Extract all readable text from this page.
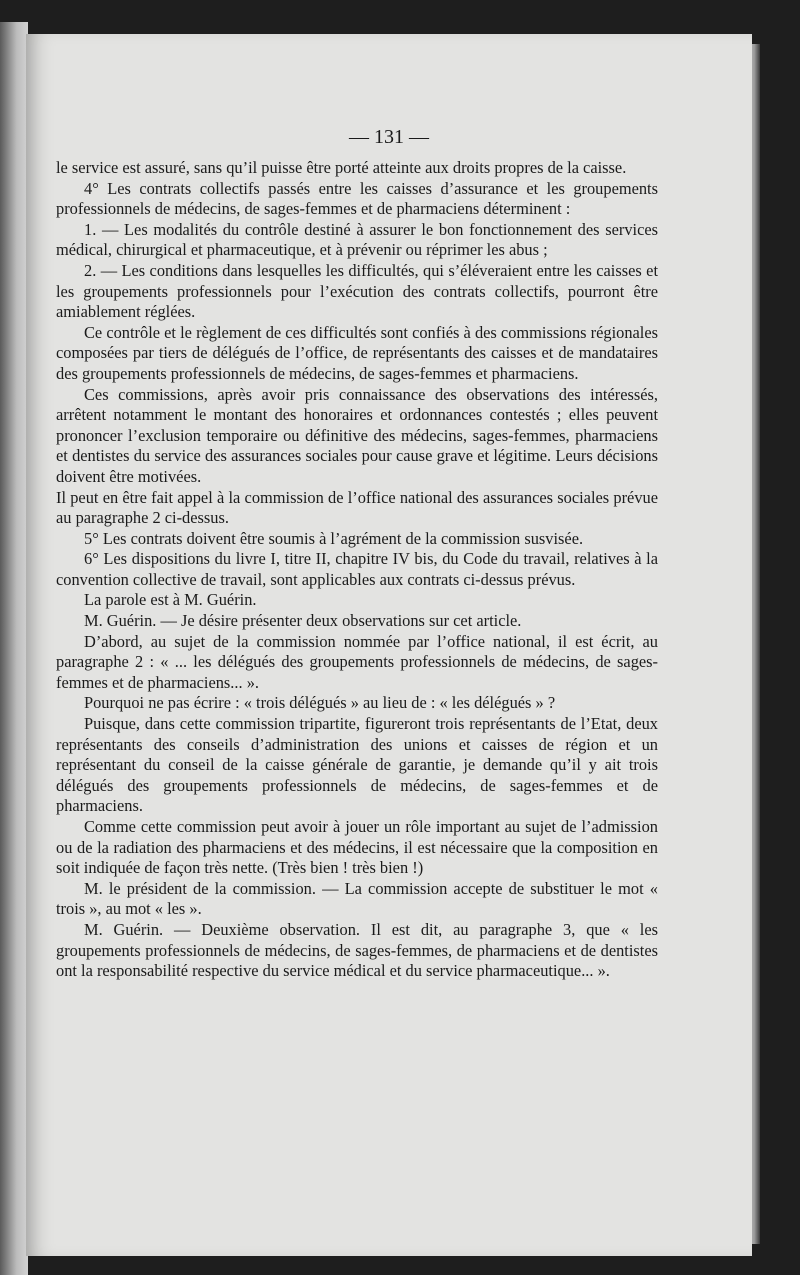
— 131 —

le service est assuré, sans qu’il puisse être porté atteinte aux droits propres de la caisse.

4° Les contrats collectifs passés entre les caisses d’assurance et les groupements professionnels de médecins, de sages-femmes et de pharmaciens déterminent :

1. — Les modalités du contrôle destiné à assurer le bon fonctionnement des services médical, chirurgical et pharmaceutique, et à prévenir ou réprimer les abus ;

2. — Les conditions dans lesquelles les difficultés, qui s’éléveraient entre les caisses et les groupements professionnels pour l’exécution des contrats collectifs, pourront être amiablement réglées.

Ce contrôle et le règlement de ces difficultés sont confiés à des commissions régionales composées par tiers de délégués de l’office, de représentants des caisses et de mandataires des groupements professionnels de médecins, de sages-femmes et pharmaciens.

Ces commissions, après avoir pris connaissance des observations des intéressés, arrêtent notamment le montant des honoraires et ordonnances contestés ; elles peuvent prononcer l’exclusion temporaire ou définitive des médecins, sages-femmes, pharmaciens et dentistes du service des assurances sociales pour cause grave et légitime. Leurs décisions doivent être motivées.

Il peut en être fait appel à la commission de l’office national des assurances sociales prévue au paragraphe 2 ci-dessus.

5° Les contrats doivent être soumis à l’agrément de la commission susvisée.

6° Les dispositions du livre I, titre II, chapitre IV bis, du Code du travail, relatives à la convention collective de travail, sont applicables aux contrats ci-dessus prévus.

La parole est à M. Guérin.

M. Guérin. — Je désire présenter deux observations sur cet article.

D’abord, au sujet de la commission nommée par l’office national, il est écrit, au paragraphe 2 : « ... les délégués des groupements professionnels de médecins, de sages-femmes et de pharmaciens... ».

Pourquoi ne pas écrire : « trois délégués » au lieu de : « les délégués » ?

Puisque, dans cette commission tripartite, figureront trois représentants de l’Etat, deux représentants des conseils d’administration des unions et caisses de région et un représentant du conseil de la caisse générale de garantie, je demande qu’il y ait trois délégués des groupements professionnels de médecins, de sages-femmes et de pharmaciens.

Comme cette commission peut avoir à jouer un rôle important au sujet de l’admission ou de la radiation des pharmaciens et des médecins, il est nécessaire que la composition en soit indiquée de façon très nette. (Très bien ! très bien !)

M. le président de la commission. — La commission accepte de substituer le mot « trois », au mot « les ».

M. Guérin. — Deuxième observation. Il est dit, au paragraphe 3, que « les groupements professionnels de médecins, de sages-femmes, de pharmaciens et de dentistes ont la responsabilité respective du service médical et du service pharmaceutique... ».
